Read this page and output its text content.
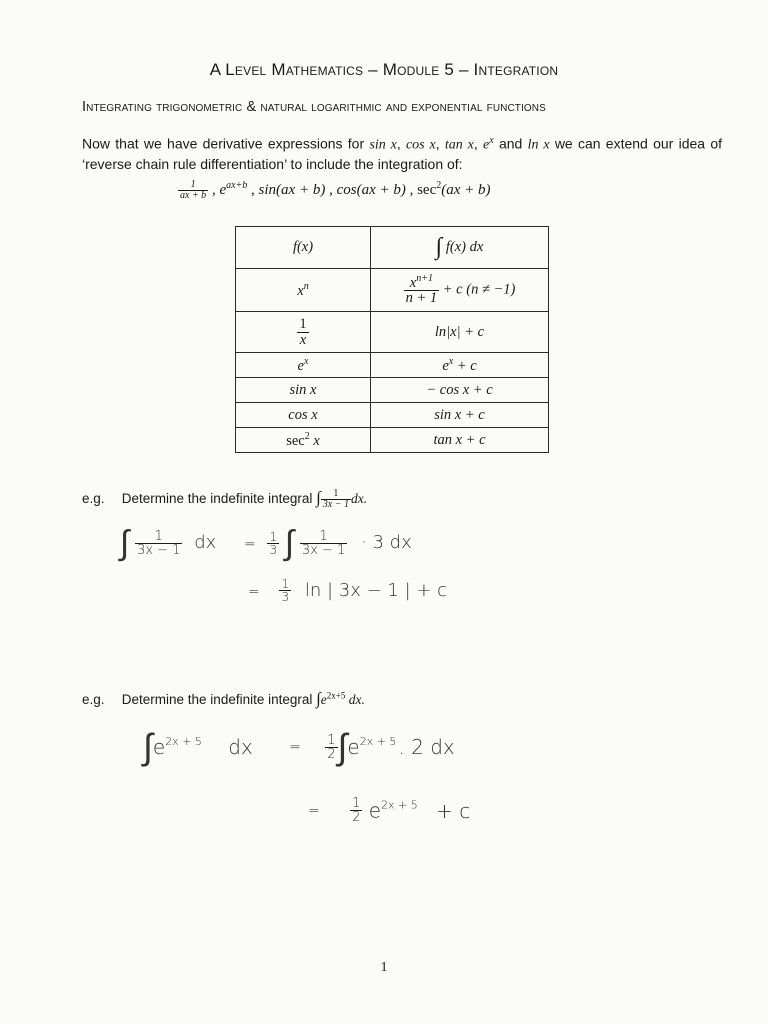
A Level Mathematics – Module 5 – Integration
Integrating trigonometric & natural logarithmic and exponential functions
Now that we have derivative expressions for sin x, cos x, tan x, $e^x$ and ln x we can extend our idea of ‘reverse chain rule differentiation’ to include the integration of:
$\frac{1}{ax + b}$ , $e^{ax+b}$ , sin(ax + b) , cos(ax + b) , $\sec^2(ax + b)$
f(x)	∫ f(x) dx
$x^n$	$\frac{x^{n+1}}{n + 1} + c$ (n ≠ −1)

$\frac{1}{x}$	ln|x| + c
$e^x$	$e^x + c$
sin x	− cos x + c
cos x	sin x + c
$\sec^2 x$	tan x + c
e.g. Determine the indefinite integral ∫ $\frac{1}{3x - 1}$ dx.
∫ $\frac{1}{3x - 1}$ dx = $\frac{1}{3}$ ∫ $\frac{1}{3x - 1} \cdot 3$ dx
= $\frac{1}{3}$ ln | 3x − 1 | + c
e.g. Determine the indefinite integral $\int e^{2x+5}$ dx.
$\int e^{2x + 5}$ dx	= $\frac{1}{2} \int e^{2x + 5}$ . 2 dx
= $\frac{1}{2} e^{2x + 5} + c$
1
